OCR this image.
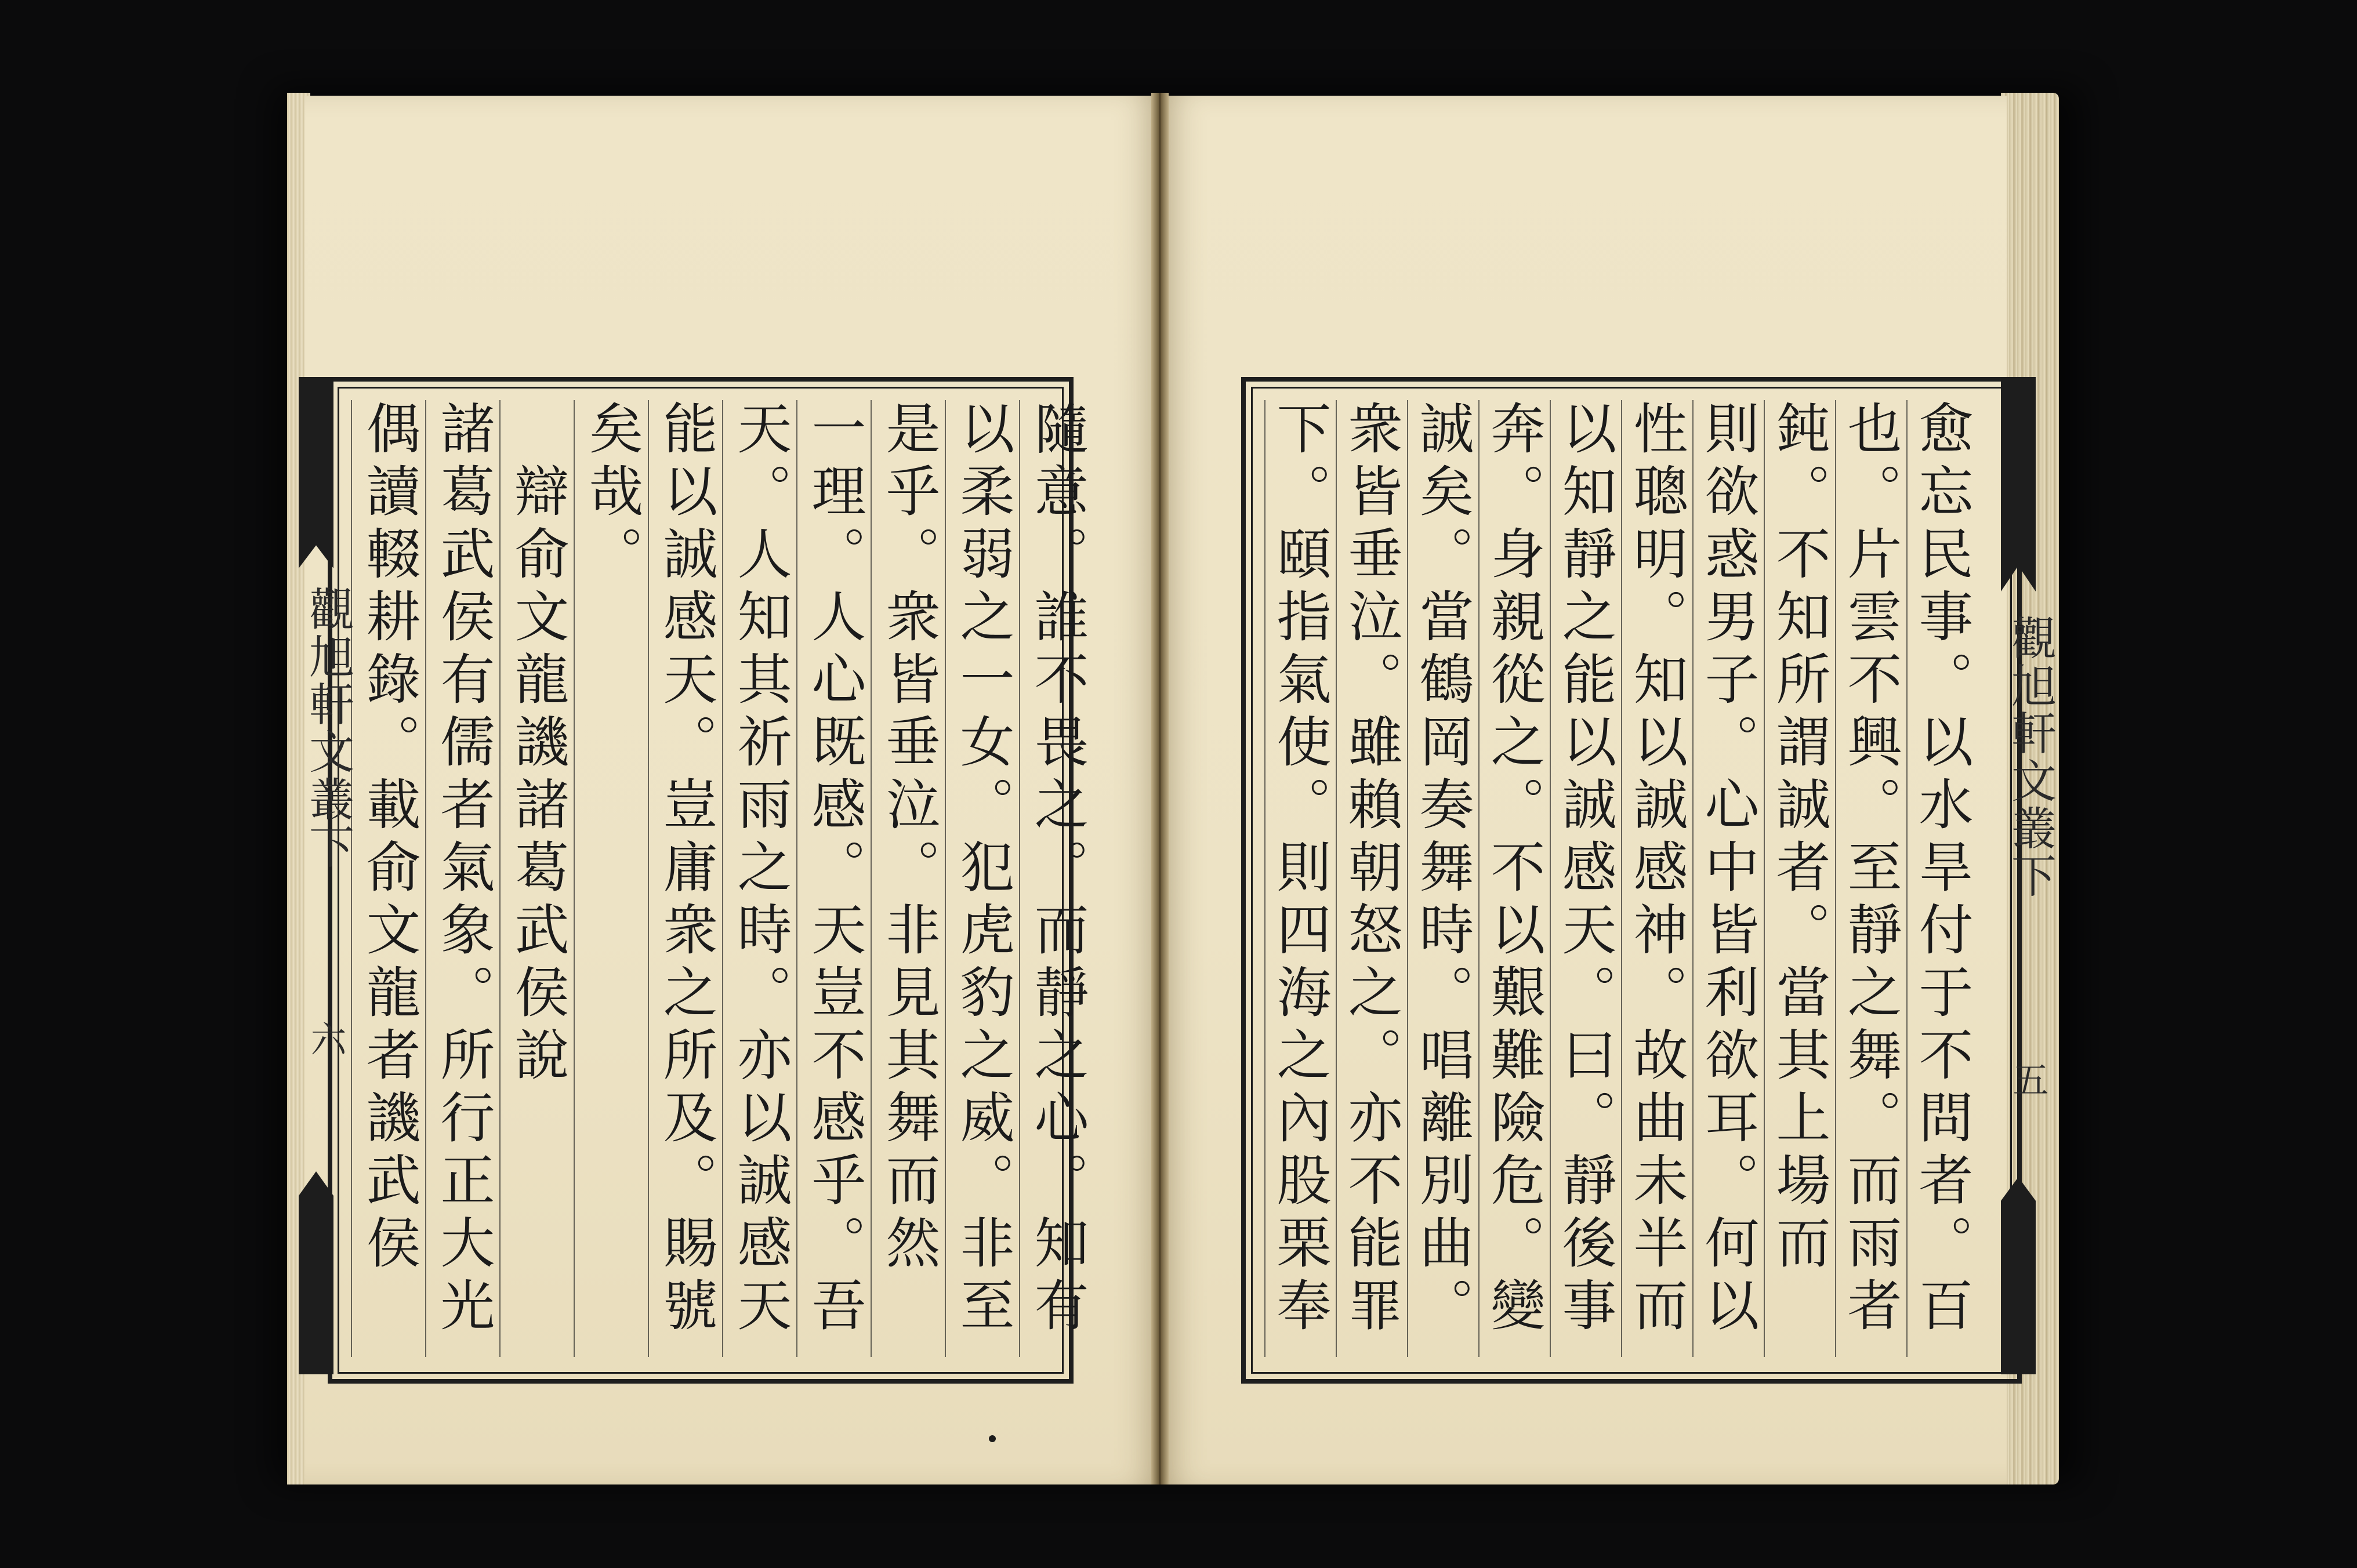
隨意。誰不畏之。而靜之心。知有
以柔弱之一女。犯虎豹之威。非至
是乎。衆皆垂泣。非見其舞而然
一理。人心既感。天豈不感乎。吾
天。人知其祈雨之時。亦以誠感天
能以誠感天。豈庸衆之所及。賜號
矣哉。
　辯俞文龍譏諸葛武侯說
諸葛武侯有儒者氣象。所行正大光
偶讀輟耕錄。載俞文龍者譏武侯
觀旭軒文叢下
六
愈忘民事。以水旱付于不問者。百
也。片雲不興。至靜之舞。而雨者
鈍。不知所謂誠者。當其上場而
則欲惑男子。心中皆利欲耳。何以
性聰明。知以誠感神。故曲未半而
以知靜之能以誠感天。曰。靜後事
奔。身親從之。不以艱難險危。變
誠矣。當鶴岡奏舞時。唱離別曲。
衆皆垂泣。雖賴朝怒之。亦不能罪
下。頤指氣使。則四海之內股栗奉
觀旭軒文叢下
五
